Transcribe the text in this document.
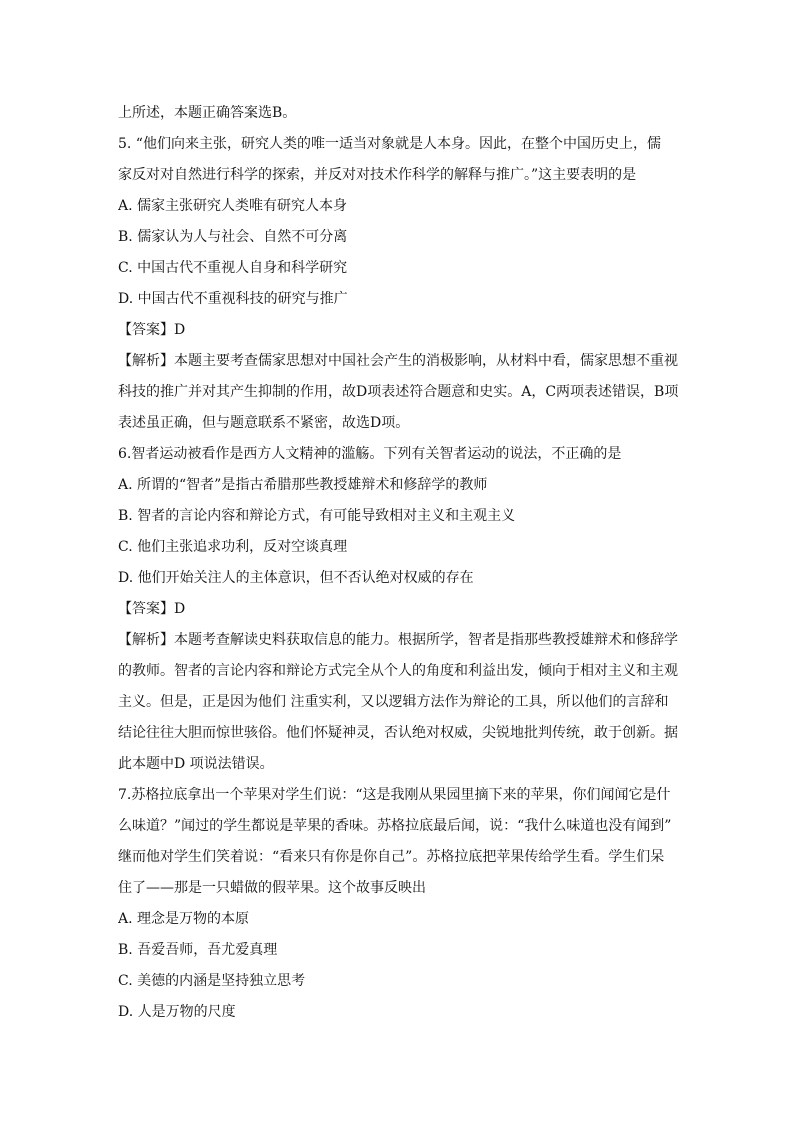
上所述，本题正确答案选B。
5. “他们向来主张，研究人类的唯一适当对象就是人本身。因此，在整个中国历史上，儒
家反对对自然进行科学的探索，并反对对技术作科学的解释与推广。”这主要表明的是
A. 儒家主张研究人类唯有研究人本身
B. 儒家认为人与社会、自然不可分离
C. 中国古代不重视人自身和科学研究
D. 中国古代不重视科技的研究与推广
【答案】D
【解析】本题主要考查儒家思想对中国社会产生的消极影响，从材料中看，儒家思想不重视
科技的推广并对其产生抑制的作用，故D项表述符合题意和史实。A，C两项表述错误，B项
表述虽正确，但与题意联系不紧密，故选D项。
6.智者运动被看作是西方人文精神的滥觞。下列有关智者运动的说法，不正确的是
A. 所谓的“智者”是指古希腊那些教授雄辩术和修辞学的教师
B. 智者的言论内容和辩论方式，有可能导致相对主义和主观主义
C. 他们主张追求功利，反对空谈真理
D. 他们开始关注人的主体意识，但不否认绝对权威的存在
【答案】D
【解析】本题考查解读史料获取信息的能力。根据所学，智者是指那些教授雄辩术和修辞学
的教师。智者的言论内容和辩论方式完全从个人的角度和利益出发，倾向于相对主义和主观
主义。但是，正是因为他们 注重实利，又以逻辑方法作为辩论的工具，所以他们的言辞和
结论往往大胆而惊世骇俗。他们怀疑神灵，否认绝对权威，尖锐地批判传统，敢于创新。据
此本题中D 项说法错误。
7.苏格拉底拿出一个苹果对学生们说：“这是我刚从果园里摘下来的苹果，你们闻闻它是什
么味道？”闻过的学生都说是苹果的香味。苏格拉底最后闻，说：“我什么味道也没有闻到”
继而他对学生们笑着说：“看来只有你是你自己”。苏格拉底把苹果传给学生看。学生们呆
住了——那是一只蜡做的假苹果。这个故事反映出
A. 理念是万物的本原
B. 吾爱吾师，吾尤爱真理
C. 美德的内涵是坚持独立思考
D. 人是万物的尺度
